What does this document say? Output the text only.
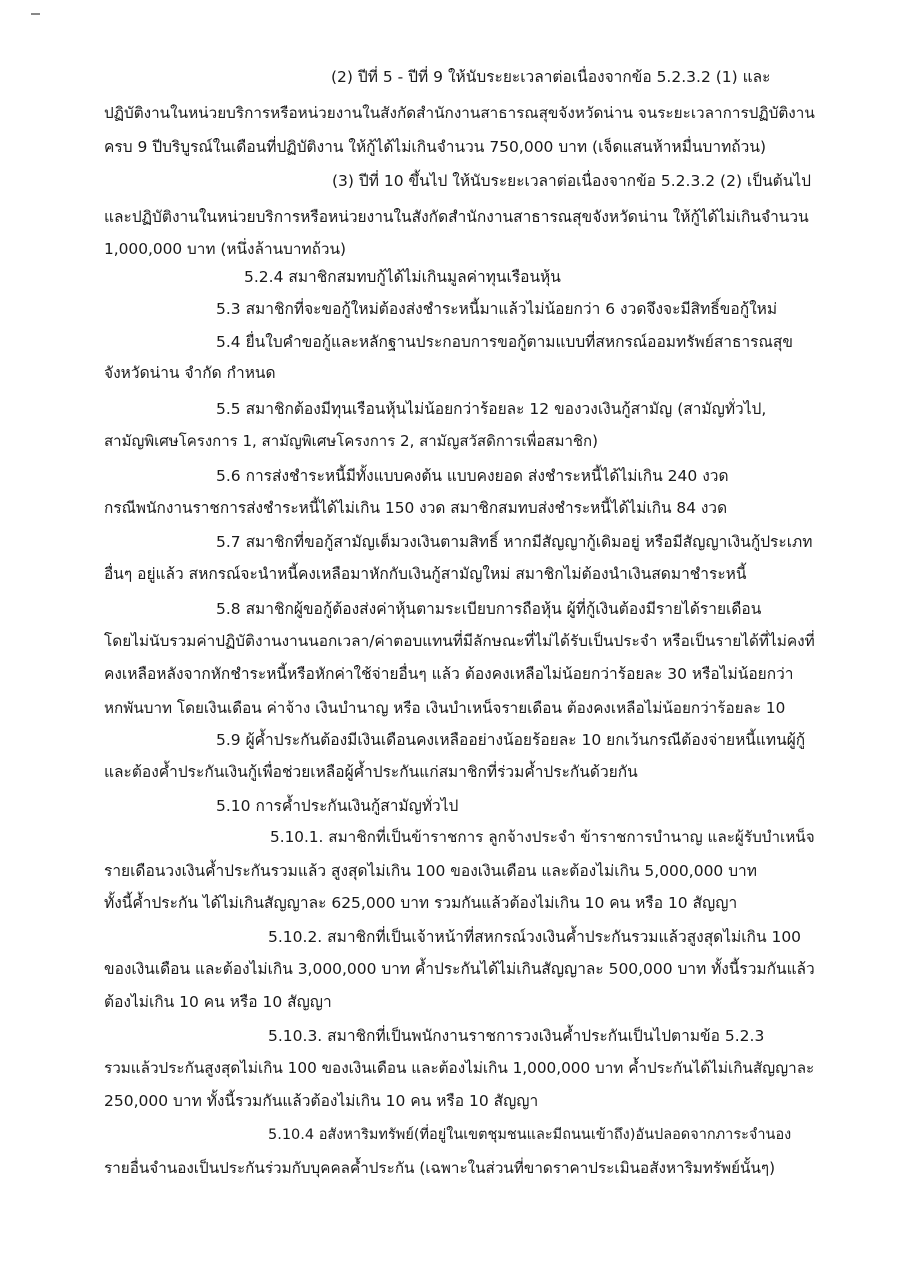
(2) ปีที่ 5 - ปีที่ 9 ให้นับระยะเวลาต่อเนื่องจากข้อ 5.2.3.2 (1) และ
ปฏิบัติงานในหน่วยบริการหรือหน่วยงานในสังกัดสำนักงานสาธารณสุขจังหวัดน่าน จนระยะเวลาการปฏิบัติงาน
ครบ 9 ปีบริบูรณ์ในเดือนที่ปฏิบัติงาน ให้กู้ได้ไม่เกินจำนวน 750,000 บาท (เจ็ดแสนห้าหมื่นบาทถ้วน)
(3) ปีที่ 10 ขึ้นไป ให้นับระยะเวลาต่อเนื่องจากข้อ 5.2.3.2 (2) เป็นต้นไป
และปฏิบัติงานในหน่วยบริการหรือหน่วยงานในสังกัดสำนักงานสาธารณสุขจังหวัดน่าน ให้กู้ได้ไม่เกินจำนวน
1,000,000 บาท (หนึ่งล้านบาทถ้วน)
5.2.4 สมาชิกสมทบกู้ได้ไม่เกินมูลค่าทุนเรือนหุ้น
5.3 สมาชิกที่จะขอกู้ใหม่ต้องส่งชำระหนี้มาแล้วไม่น้อยกว่า 6 งวดจึงจะมีสิทธิ์ขอกู้ใหม่
5.4 ยื่นใบคำขอกู้และหลักฐานประกอบการขอกู้ตามแบบที่สหกรณ์ออมทรัพย์สาธารณสุข
จังหวัดน่าน จำกัด กำหนด
5.5 สมาชิกต้องมีทุนเรือนหุ้นไม่น้อยกว่าร้อยละ 12 ของวงเงินกู้สามัญ (สามัญทั่วไป,
สามัญพิเศษโครงการ 1, สามัญพิเศษโครงการ 2, สามัญสวัสดิการเพื่อสมาชิก)
5.6 การส่งชำระหนี้มีทั้งแบบคงต้น แบบคงยอด ส่งชำระหนี้ได้ไม่เกิน 240 งวด
กรณีพนักงานราชการส่งชำระหนี้ได้ไม่เกิน 150 งวด สมาชิกสมทบส่งชำระหนี้ได้ไม่เกิน 84 งวด
5.7 สมาชิกที่ขอกู้สามัญเต็มวงเงินตามสิทธิ์ หากมีสัญญากู้เดิมอยู่ หรือมีสัญญาเงินกู้ประเภท
อื่นๆ อยู่แล้ว สหกรณ์จะนำหนี้คงเหลือมาหักกับเงินกู้สามัญใหม่ สมาชิกไม่ต้องนำเงินสดมาชำระหนี้
5.8 สมาชิกผู้ขอกู้ต้องส่งค่าหุ้นตามระเบียบการถือหุ้น ผู้ที่กู้เงินต้องมีรายได้รายเดือน
โดยไม่นับรวมค่าปฏิบัติงานงานนอกเวลา/ค่าตอบแทนที่มีลักษณะที่ไม่ได้รับเป็นประจำ หรือเป็นรายได้ที่ไม่คงที่
คงเหลือหลังจากหักชำระหนี้หรือหักค่าใช้จ่ายอื่นๆ แล้ว ต้องคงเหลือไม่น้อยกว่าร้อยละ 30 หรือไม่น้อยกว่า
หกพันบาท โดยเงินเดือน ค่าจ้าง เงินบำนาญ หรือ เงินบำเหน็จรายเดือน ต้องคงเหลือไม่น้อยกว่าร้อยละ 10
5.9 ผู้ค้ำประกันต้องมีเงินเดือนคงเหลืออย่างน้อยร้อยละ 10 ยกเว้นกรณีต้องจ่ายหนี้แทนผู้กู้
และต้องค้ำประกันเงินกู้เพื่อช่วยเหลือผู้ค้ำประกันแก่สมาชิกที่ร่วมค้ำประกันด้วยกัน
5.10 การค้ำประกันเงินกู้สามัญทั่วไป
5.10.1. สมาชิกที่เป็นข้าราชการ ลูกจ้างประจำ ข้าราชการบำนาญ และผู้รับบำเหน็จ
รายเดือนวงเงินค้ำประกันรวมแล้ว สูงสุดไม่เกิน 100 ของเงินเดือน และต้องไม่เกิน 5,000,000 บาท
ทั้งนี้ค้ำประกัน ได้ไม่เกินสัญญาละ 625,000 บาท รวมกันแล้วต้องไม่เกิน 10 คน หรือ 10 สัญญา
5.10.2. สมาชิกที่เป็นเจ้าหน้าที่สหกรณ์วงเงินค้ำประกันรวมแล้วสูงสุดไม่เกิน 100
ของเงินเดือน และต้องไม่เกิน 3,000,000 บาท ค้ำประกันได้ไม่เกินสัญญาละ 500,000 บาท ทั้งนี้รวมกันแล้ว
ต้องไม่เกิน 10 คน หรือ 10 สัญญา
5.10.3. สมาชิกที่เป็นพนักงานราชการวงเงินค้ำประกันเป็นไปตามข้อ 5.2.3
รวมแล้วประกันสูงสุดไม่เกิน 100 ของเงินเดือน และต้องไม่เกิน 1,000,000 บาท ค้ำประกันได้ไม่เกินสัญญาละ
250,000 บาท ทั้งนี้รวมกันแล้วต้องไม่เกิน 10 คน หรือ 10 สัญญา
5.10.4 อสังหาริมทรัพย์(ที่อยู่ในเขตชุมชนและมีถนนเข้าถึง)อันปลอดจากภาระจำนอง
รายอื่นจำนองเป็นประกันร่วมกับบุคคลค้ำประกัน (เฉพาะในส่วนที่ขาดราคาประเมินอสังหาริมทรัพย์นั้นๆ)
